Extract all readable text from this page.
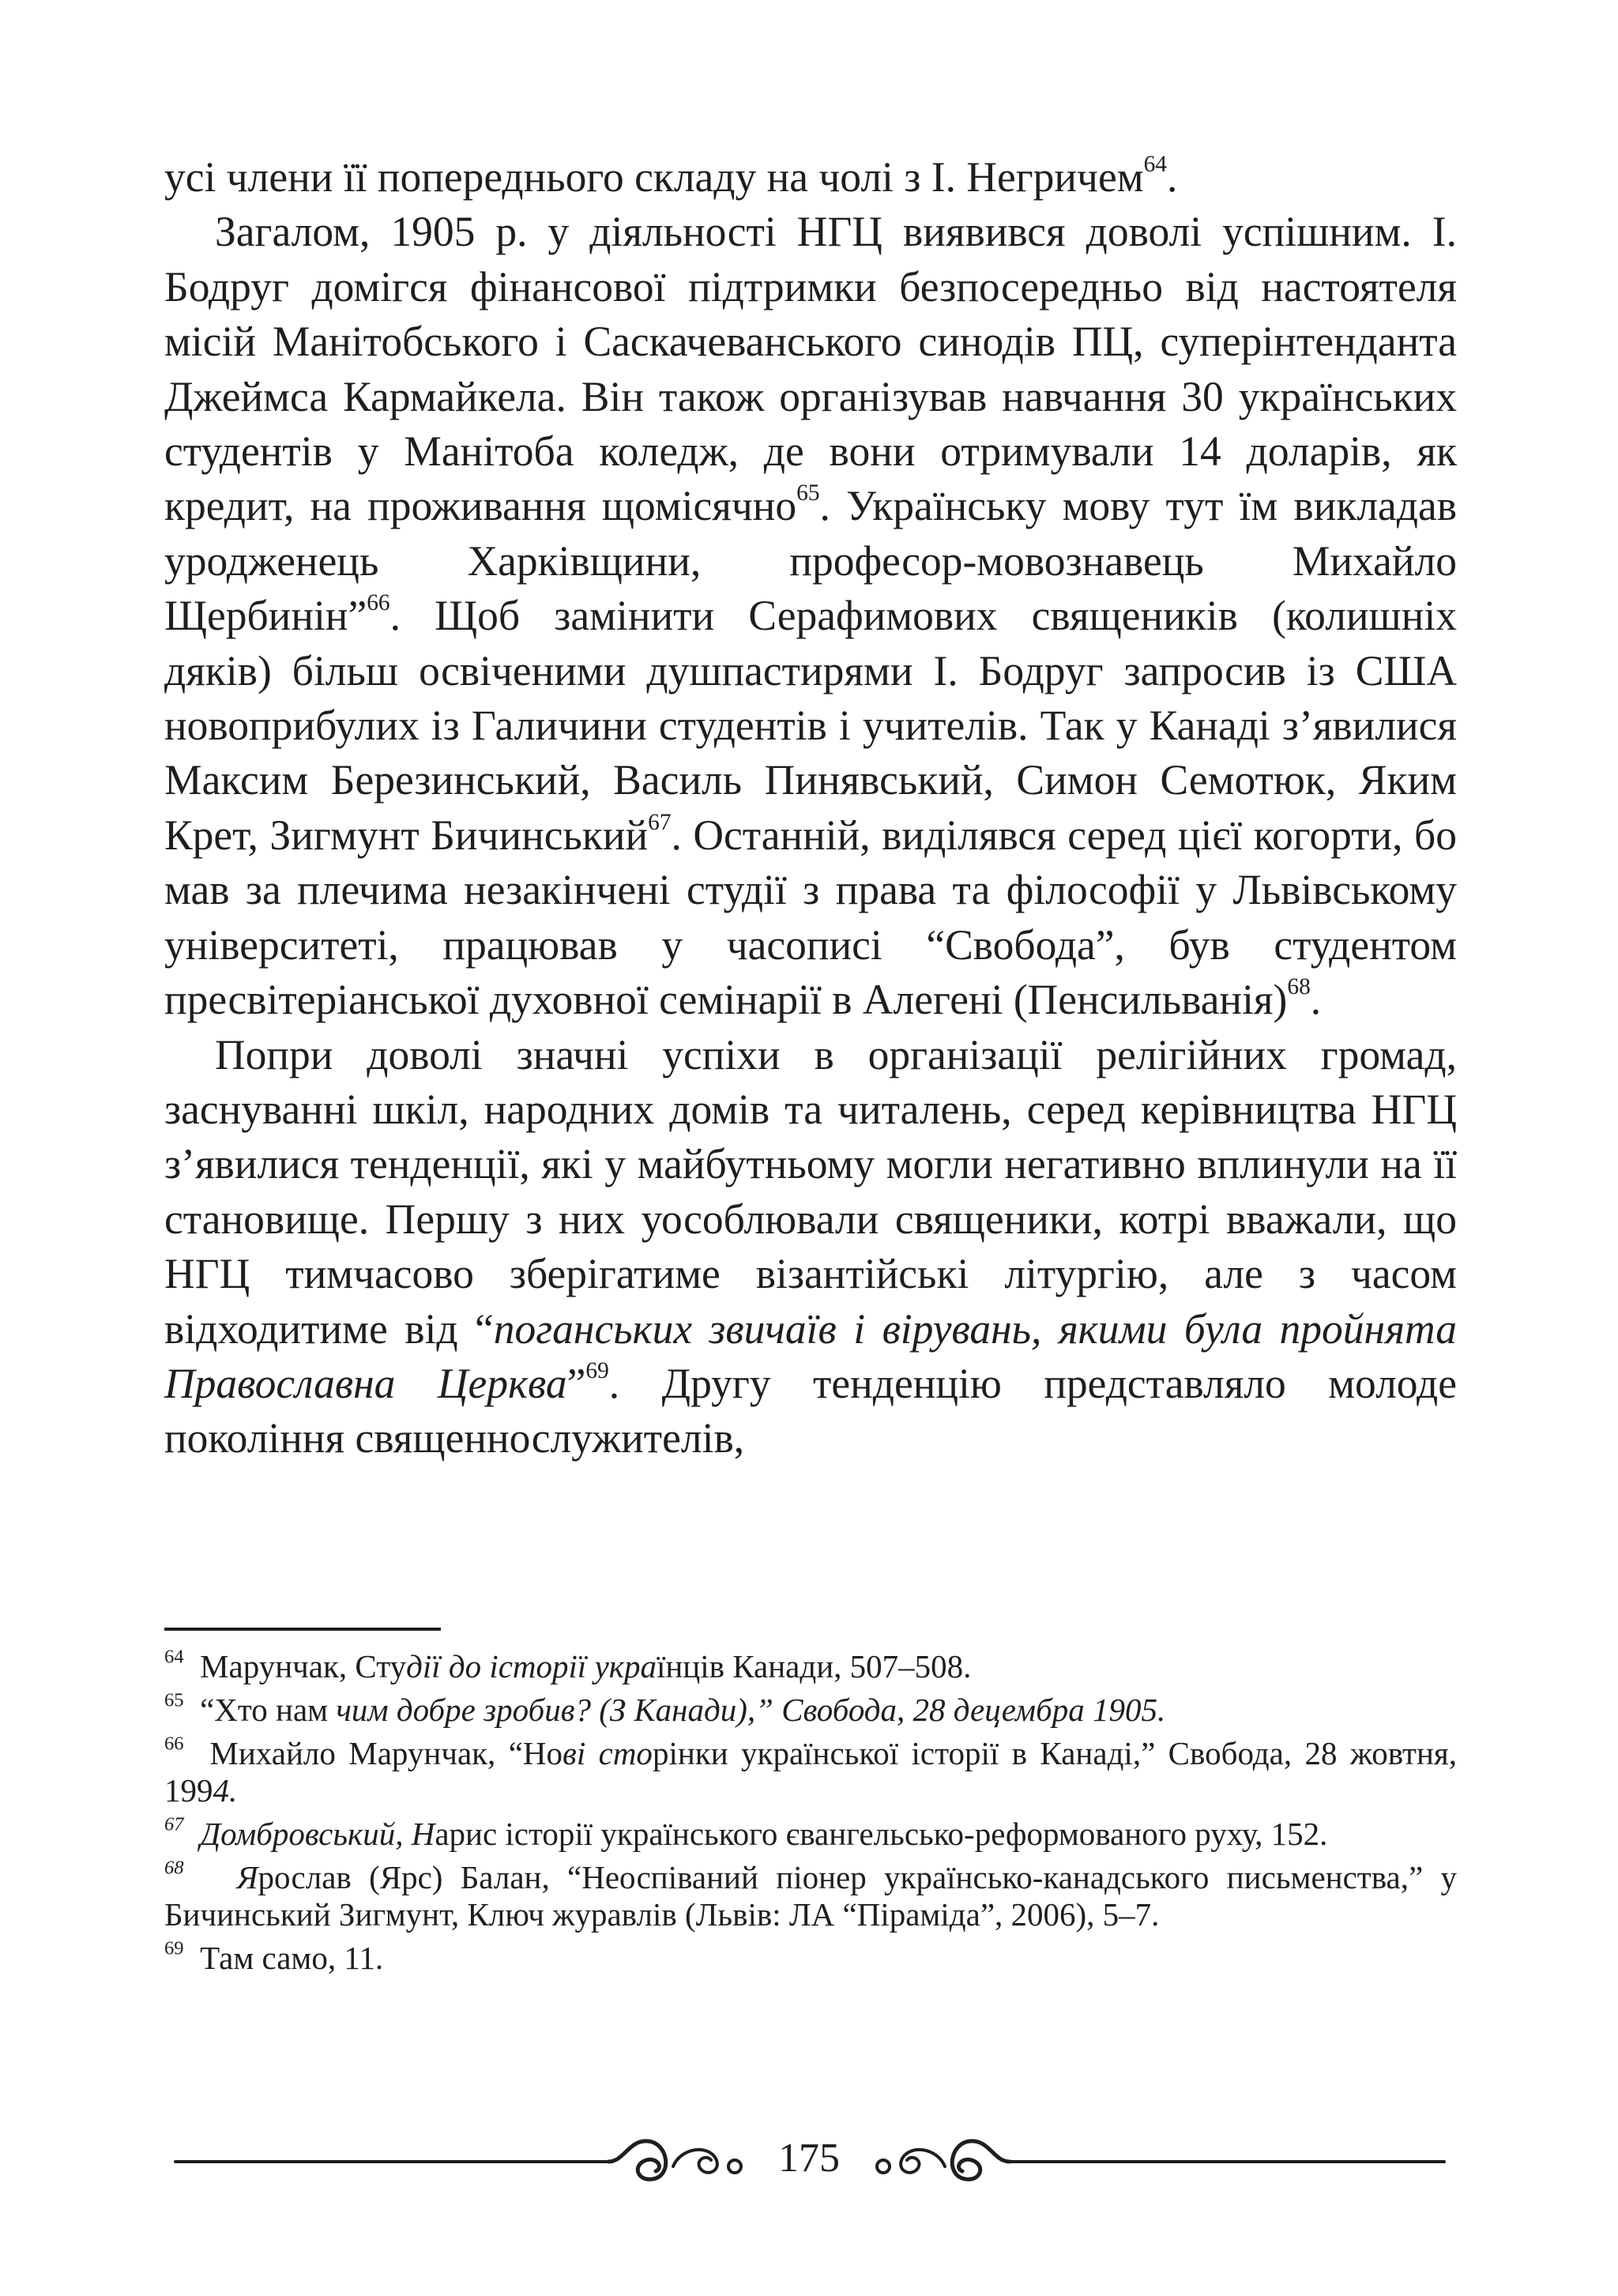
усі члени її попереднього складу на чолі з І. Негричем$^{64}$.

Загалом, 1905 р. у діяльності НГЦ виявився доволі успішним. І. Бодруг домігся фінансової підтримки безпосередньо від настоятеля місій Манітобського і Саскачеванського синодів ПЦ, суперінтенданта Джеймса Кармайкела. Він також організував навчання 30 українських студентів у Манітоба коледж, де вони отримували 14 доларів, як кредит, на проживання щомісячно$^{65}$. Українську мову тут їм викладав уродженець Харківщини, професор-мовознавець Михайло Щербинін”$^{66}$. Щоб замінити Серафимових священиків (колишніх дяків) більш освіченими душпастирями І. Бодруг запросив із США новоприбулих із Галичини студентів і учителів. Так у Канаді з’явилися Максим Березинський, Василь Пинявський, Симон Семотюк, Яким Крет, Зигмунт Бичинський$^{67}$. Останній, виділявся серед цієї когорти, бо мав за плечима незакінчені студії з права та філософії у Львівському університеті, працював у часописі “Свобода”, був студентом пресвітеріанської духовної семінарії в Алегені (Пенсильванія)$^{68}$.

Попри доволі значні успіхи в організації релігійних громад, заснуванні шкіл, народних домів та читалень, серед керівництва НГЦ з’явилися тенденції, які у майбутньому могли негативно вплинули на її становище. Першу з них уособлювали священики, котрі вважали, що НГЦ тимчасово зберігатиме візантійські літургію, але з часом відходитиме від “поганських звичаїв і вірувань, якими була пройнята Православна Церква”$^{69}$. Другу тенденцію представляло молоде покоління священнослужителів,

$^{64}$ Марунчак, Студії до історії українців Канади, 507–508.

$^{65}$ “Хто нам чим добре зробив? (З Канади),” Свобода, 28 децембра 1905.

$^{66}$ Михайло Марунчак, “Нові сторінки української історії в Канаді,” Свобода, 28 жовтня, 1994.

$^{67}$ Домбровський, Нарис історії українського євангельсько-реформованого руху, 152.

$^{68}$ Ярослав (Ярс) Балан, “Неоспіваний піонер українсько-канадського письменства,” у Бичинський Зигмунт, Ключ журавлів (Львів: ЛА “Піраміда”, 2006), 5–7.

$^{69}$ Там само, 11.

175
